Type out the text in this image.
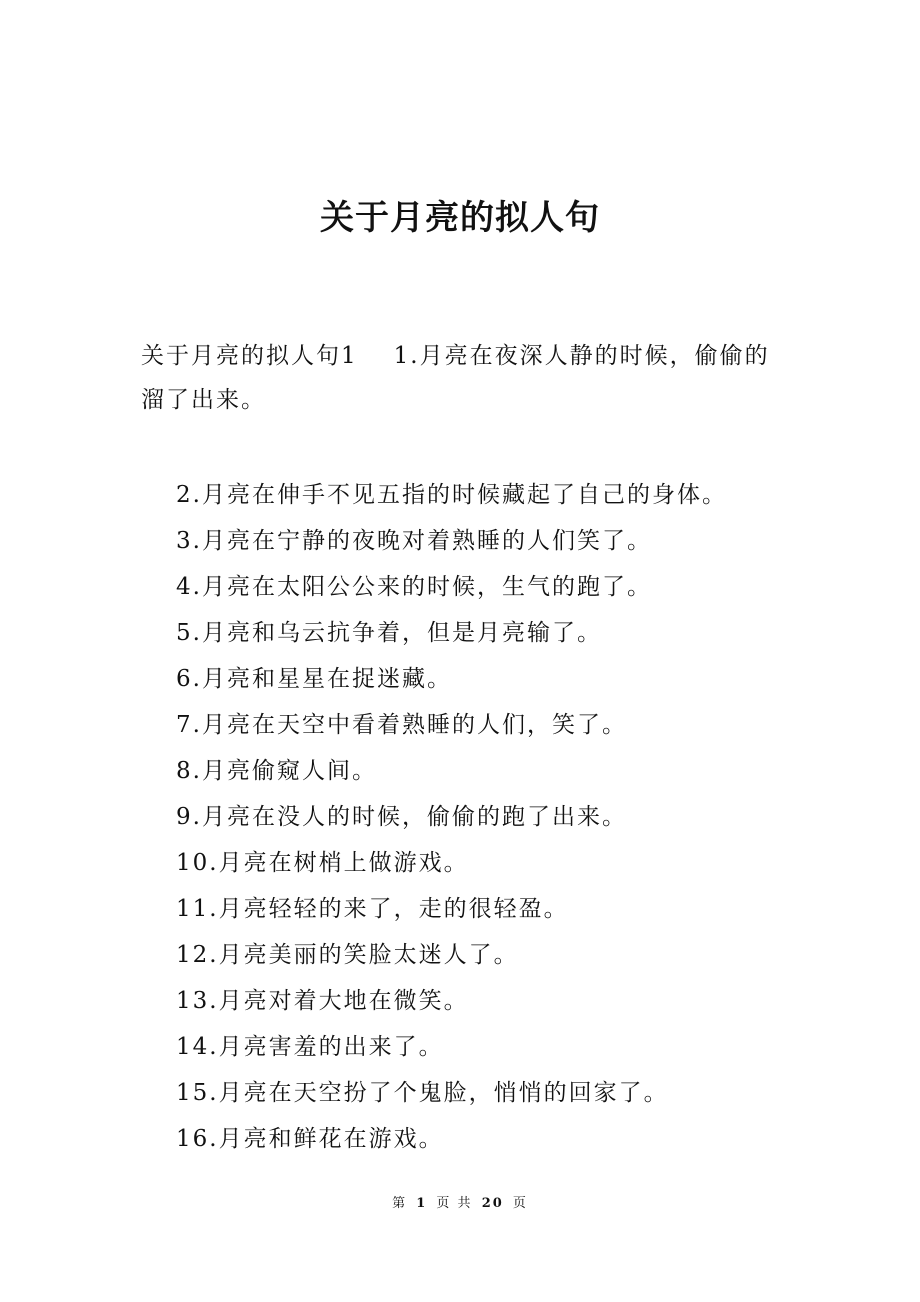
关于月亮的拟人句
关于月亮的拟人句1 1.月亮在夜深人静的时候，偷偷的溜了出来。
2.月亮在伸手不见五指的时候藏起了自己的身体。
3.月亮在宁静的夜晚对着熟睡的人们笑了。
4.月亮在太阳公公来的时候，生气的跑了。
5.月亮和乌云抗争着，但是月亮输了。
6.月亮和星星在捉迷藏。
7.月亮在天空中看着熟睡的人们，笑了。
8.月亮偷窥人间。
9.月亮在没人的时候，偷偷的跑了出来。
10.月亮在树梢上做游戏。
11.月亮轻轻的来了，走的很轻盈。
12.月亮美丽的笑脸太迷人了。
13.月亮对着大地在微笑。
14.月亮害羞的出来了。
15.月亮在天空扮了个鬼脸，悄悄的回家了。
16.月亮和鲜花在游戏。
第 1 页 共 20 页
